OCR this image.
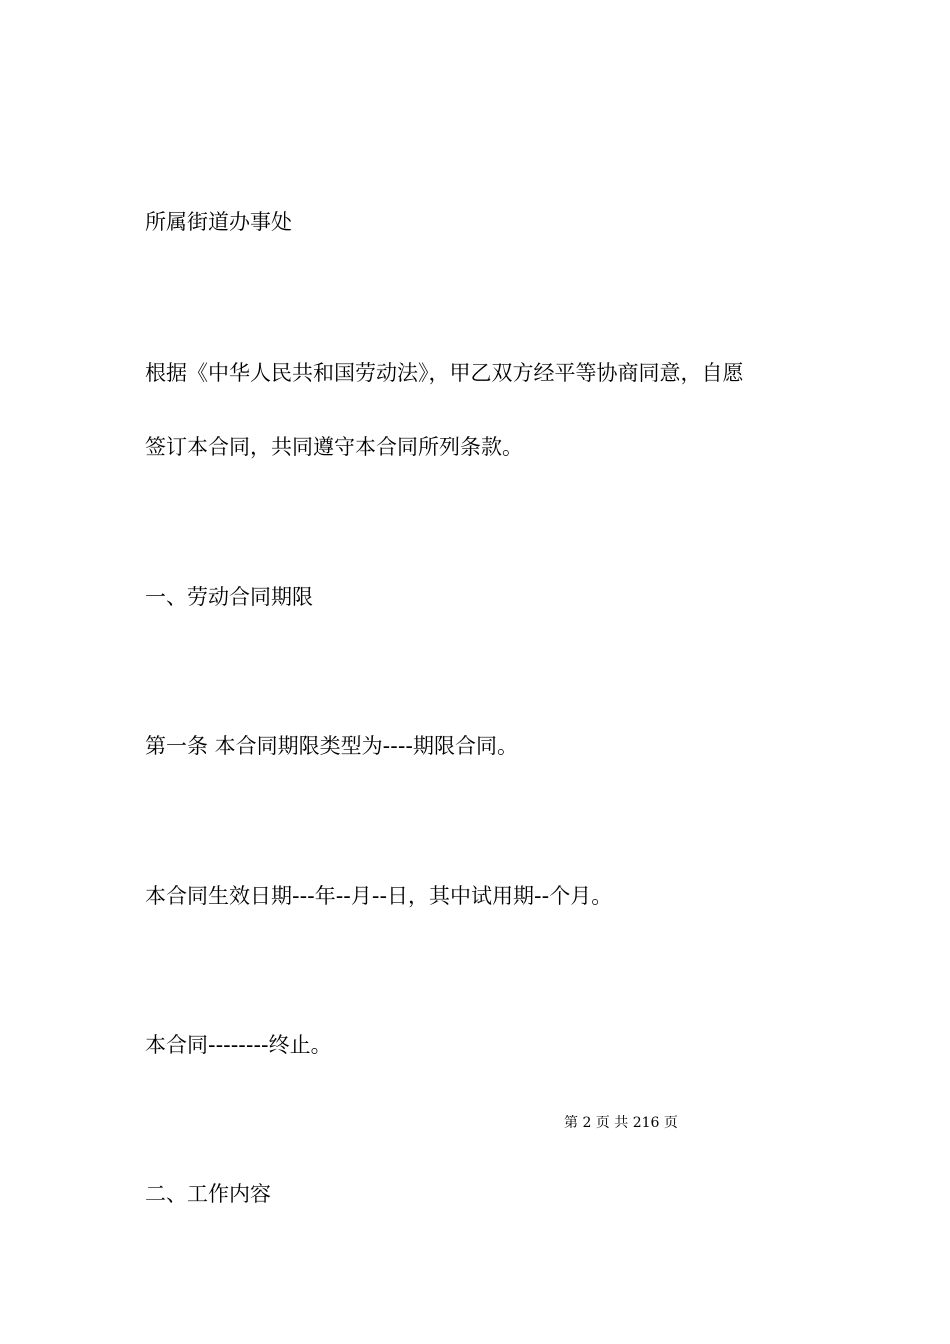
所属街道办事处

根据《中华人民共和国劳动法》，甲乙双方经平等协商同意，自愿

签订本合同，共同遵守本合同所列条款。

一、劳动合同期限

第一条 本合同期限类型为----期限合同。

本合同生效日期---年--月--日，其中试用期--个月。

本合同--------终止。

第 2 页 共 216 页

二、工作内容
